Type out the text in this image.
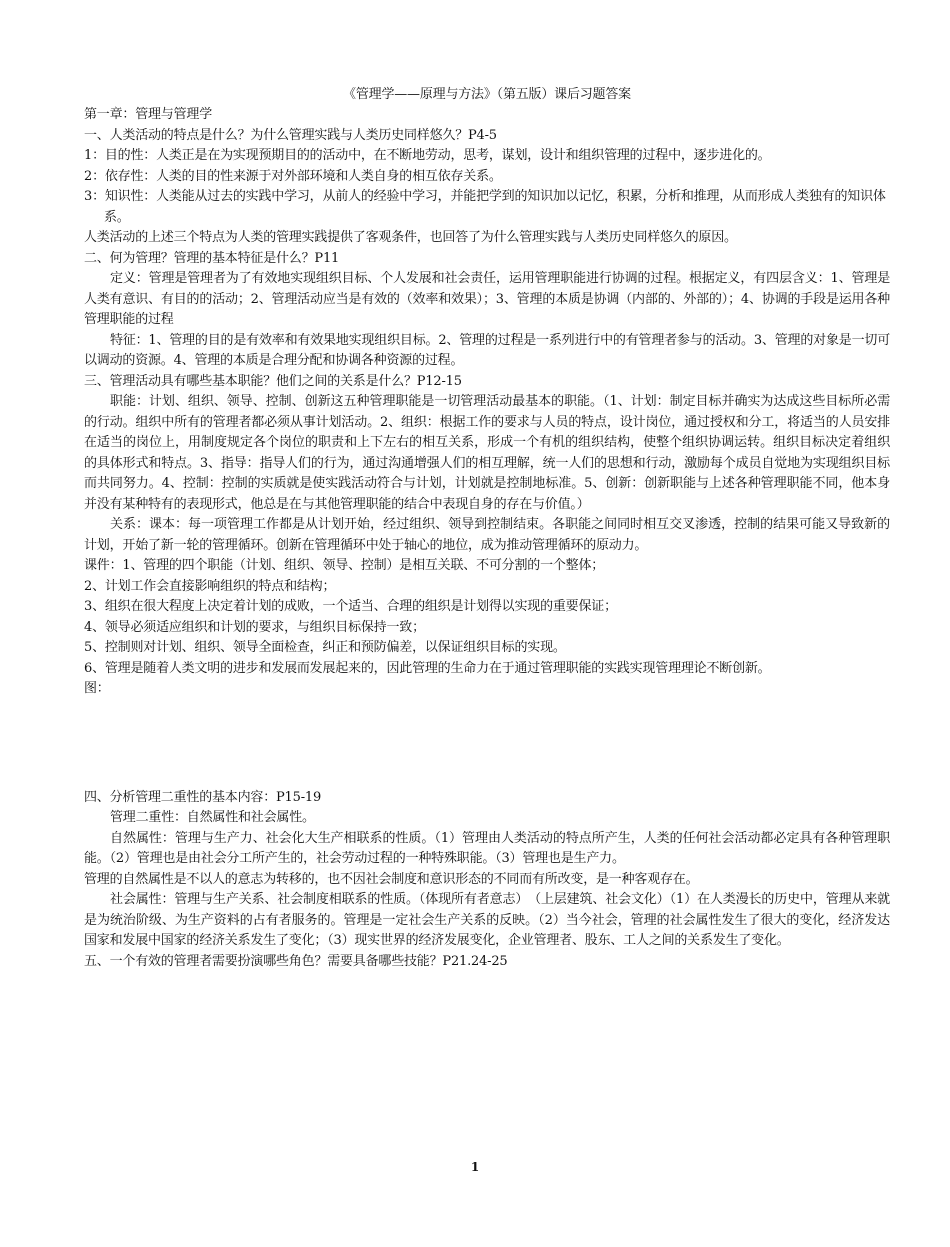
《管理学——原理与方法》（第五版）课后习题答案

第一章：管理与管理学

一、人类活动的特点是什么？为什么管理实践与人类历史同样悠久？P4-5

1：目的性：人类正是在为实现预期目的的活动中，在不断地劳动，思考，谋划，设计和组织管理的过程中，逐步进化的。

2：依存性：人类的目的性来源于对外部环境和人类自身的相互依存关系。

3：知识性：人类能从过去的实践中学习，从前人的经验中学习，并能把学到的知识加以记忆，积累，分析和推理，从而形成人类独有的知识体系。

人类活动的上述三个特点为人类的管理实践提供了客观条件，也回答了为什么管理实践与人类历史同样悠久的原因。

二、何为管理？管理的基本特征是什么？P11

定义：管理是管理者为了有效地实现组织目标、个人发展和社会责任，运用管理职能进行协调的过程。根据定义，有四层含义：1、管理是人类有意识、有目的的活动；2、管理活动应当是有效的（效率和效果）；3、管理的本质是协调（内部的、外部的）；4、协调的手段是运用各种管理职能的过程

特征：1、管理的目的是有效率和有效果地实现组织目标。2、管理的过程是一系列进行中的有管理者参与的活动。3、管理的对象是一切可以调动的资源。4、管理的本质是合理分配和协调各种资源的过程。

三、管理活动具有哪些基本职能？他们之间的关系是什么？P12-15

职能：计划、组织、领导、控制、创新这五种管理职能是一切管理活动最基本的职能。（1、计划：制定目标并确实为达成这些目标所必需的行动。组织中所有的管理者都必须从事计划活动。2、组织：根据工作的要求与人员的特点，设计岗位，通过授权和分工，将适当的人员安排在适当的岗位上，用制度规定各个岗位的职责和上下左右的相互关系，形成一个有机的组织结构，使整个组织协调运转。组织目标决定着组织的具体形式和特点。3、指导：指导人们的行为，通过沟通增强人们的相互理解，统一人们的思想和行动，激励每个成员自觉地为实现组织目标而共同努力。4、控制：控制的实质就是使实践活动符合与计划，计划就是控制地标准。5、创新：创新职能与上述各种管理职能不同，他本身并没有某种特有的表现形式，他总是在与其他管理职能的结合中表现自身的存在与价值。）

关系：课本：每一项管理工作都是从计划开始，经过组织、领导到控制结束。各职能之间同时相互交叉渗透，控制的结果可能又导致新的计划，开始了新一轮的管理循环。创新在管理循环中处于轴心的地位，成为推动管理循环的原动力。

课件：1、管理的四个职能（计划、组织、领导、控制）是相互关联、不可分割的一个整体；

2、计划工作会直接影响组织的特点和结构；

3、组织在很大程度上决定着计划的成败，一个适当、合理的组织是计划得以实现的重要保证；

4、领导必须适应组织和计划的要求，与组织目标保持一致；

5、控制则对计划、组织、领导全面检查，纠正和预防偏差，以保证组织目标的实现。

6、管理是随着人类文明的进步和发展而发展起来的，因此管理的生命力在于通过管理职能的实践实现管理理论不断创新。

图：

四、分析管理二重性的基本内容：P15-19

管理二重性：自然属性和社会属性。

自然属性：管理与生产力、社会化大生产相联系的性质。（1）管理由人类活动的特点所产生，人类的任何社会活动都必定具有各种管理职能。（2）管理也是由社会分工所产生的，社会劳动过程的一种特殊职能。（3）管理也是生产力。

管理的自然属性是不以人的意志为转移的，也不因社会制度和意识形态的不同而有所改变，是一种客观存在。

社会属性：管理与生产关系、社会制度相联系的性质。（体现所有者意志）　（上层建筑、社会文化）（1）在人类漫长的历史中，管理从来就是为统治阶级、为生产资料的占有者服务的。管理是一定社会生产关系的反映。（2）当今社会，管理的社会属性发生了很大的变化，经济发达国家和发展中国家的经济关系发生了变化；（3）现实世界的经济发展变化，企业管理者、股东、工人之间的关系发生了变化。

五、一个有效的管理者需要扮演哪些角色？需要具备哪些技能？P21.24-25

1
